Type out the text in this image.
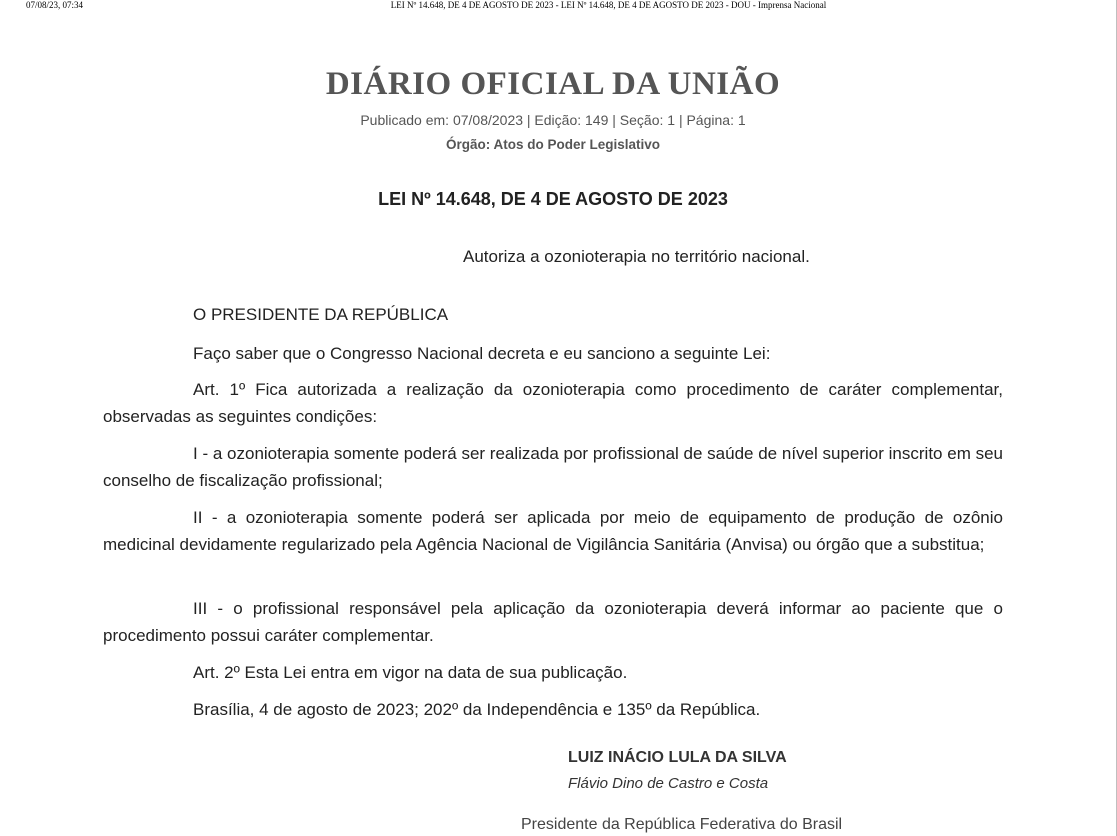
07/08/23, 07:34	LEI Nº 14.648, DE 4 DE AGOSTO DE 2023 - LEI Nº 14.648, DE 4 DE AGOSTO DE 2023 - DOU - Imprensa Nacional
DIÁRIO OFICIAL DA UNIÃO
Publicado em: 07/08/2023 | Edição: 149 | Seção: 1 | Página: 1
Órgão: Atos do Poder Legislativo
LEI Nº 14.648, DE 4 DE AGOSTO DE 2023
Autoriza a ozonioterapia no território nacional.

O PRESIDENTE DA REPÚBLICA

Faço saber que o Congresso Nacional decreta e eu sanciono a seguinte Lei:

Art. 1º Fica autorizada a realização da ozonioterapia como procedimento de caráter complementar, observadas as seguintes condições:

I - a ozonioterapia somente poderá ser realizada por profissional de saúde de nível superior inscrito em seu conselho de fiscalização profissional;

II - a ozonioterapia somente poderá ser aplicada por meio de equipamento de produção de ozônio medicinal devidamente regularizado pela Agência Nacional de Vigilância Sanitária (Anvisa) ou órgão que a substitua;

III - o profissional responsável pela aplicação da ozonioterapia deverá informar ao paciente que o procedimento possui caráter complementar.

Art. 2º Esta Lei entra em vigor na data de sua publicação.

Brasília, 4 de agosto de 2023; 202º da Independência e 135º da República.

LUIZ INÁCIO LULA DA SILVA
Flávio Dino de Castro e Costa
Presidente da República Federativa do Brasil
